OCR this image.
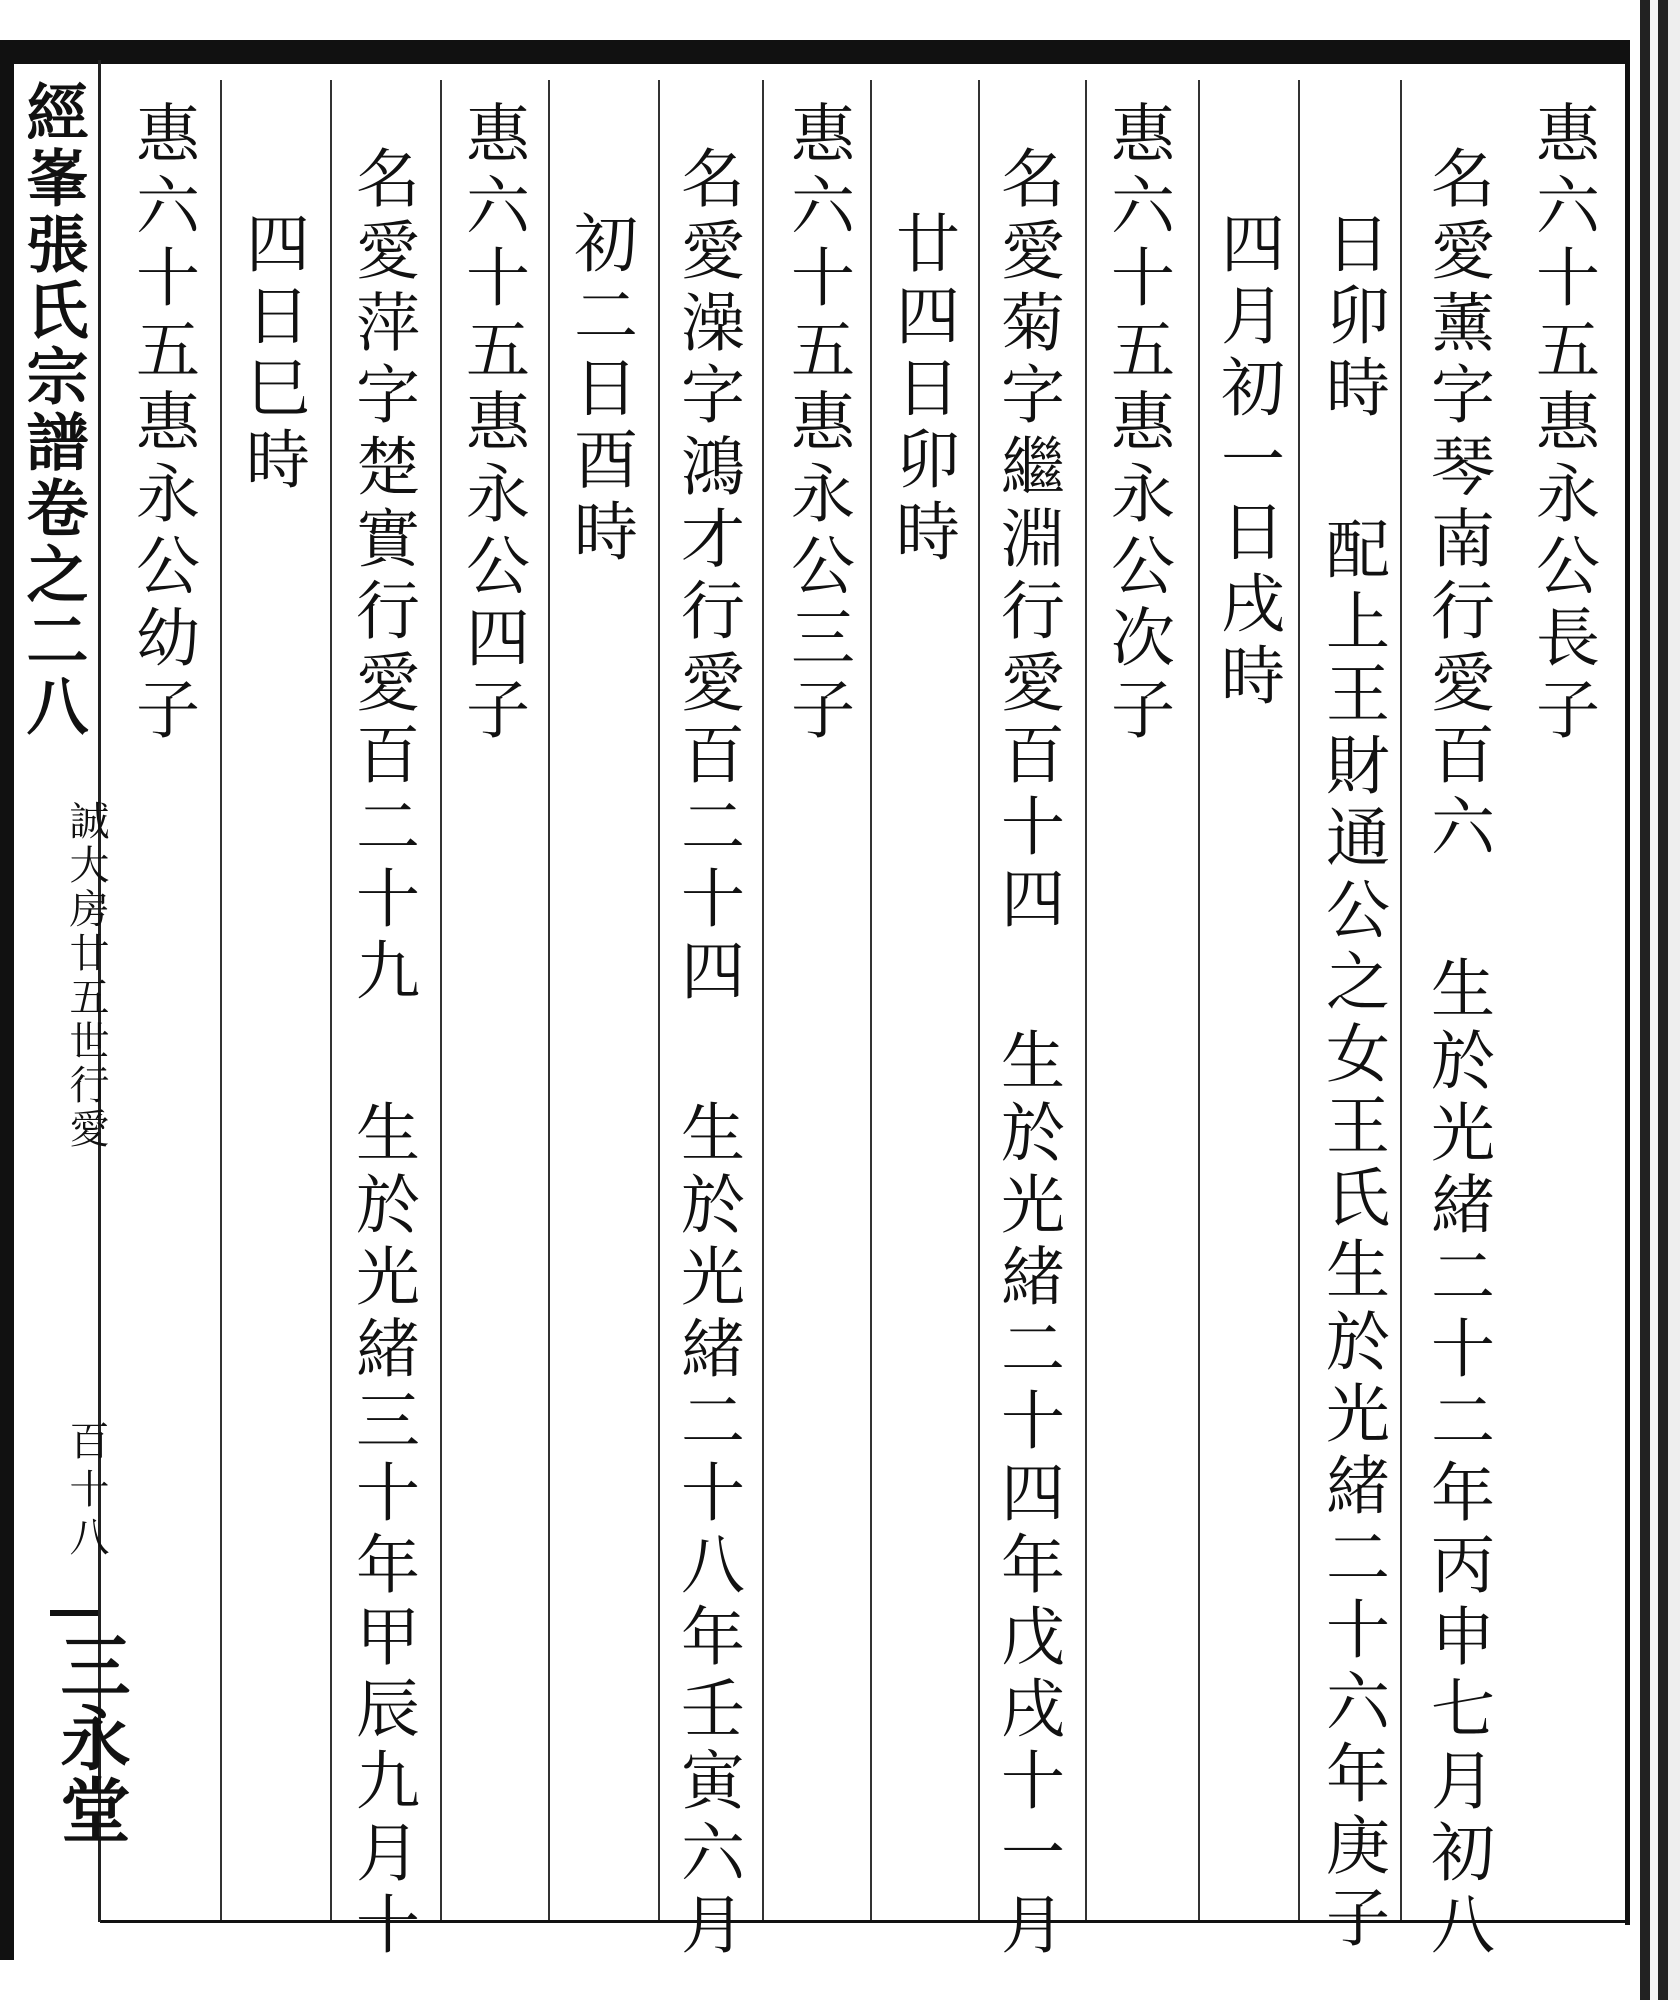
惠六十五惠永公長子
名愛薰字琴南行愛百六生於光緒二十二年丙申七月初八
日卯時配上王財通公之女王氏生於光緒二十六年庚子
四月初一日戌時
惠六十五惠永公次子
名愛菊字繼淵行愛百十四生於光緒二十四年戊戌十一月
廿四日卯時
惠六十五惠永公三子
名愛澡字鴻才行愛百二十四生於光緒二十八年壬寅六月
初二日酉時
惠六十五惠永公四子
名愛萍字楚實行愛百二十九生於光緒三十年甲辰九月十
四日巳時
惠六十五惠永公幼子
經峯張氏宗譜卷之二八
誠大房廿五世行愛
百十八
三永堂
